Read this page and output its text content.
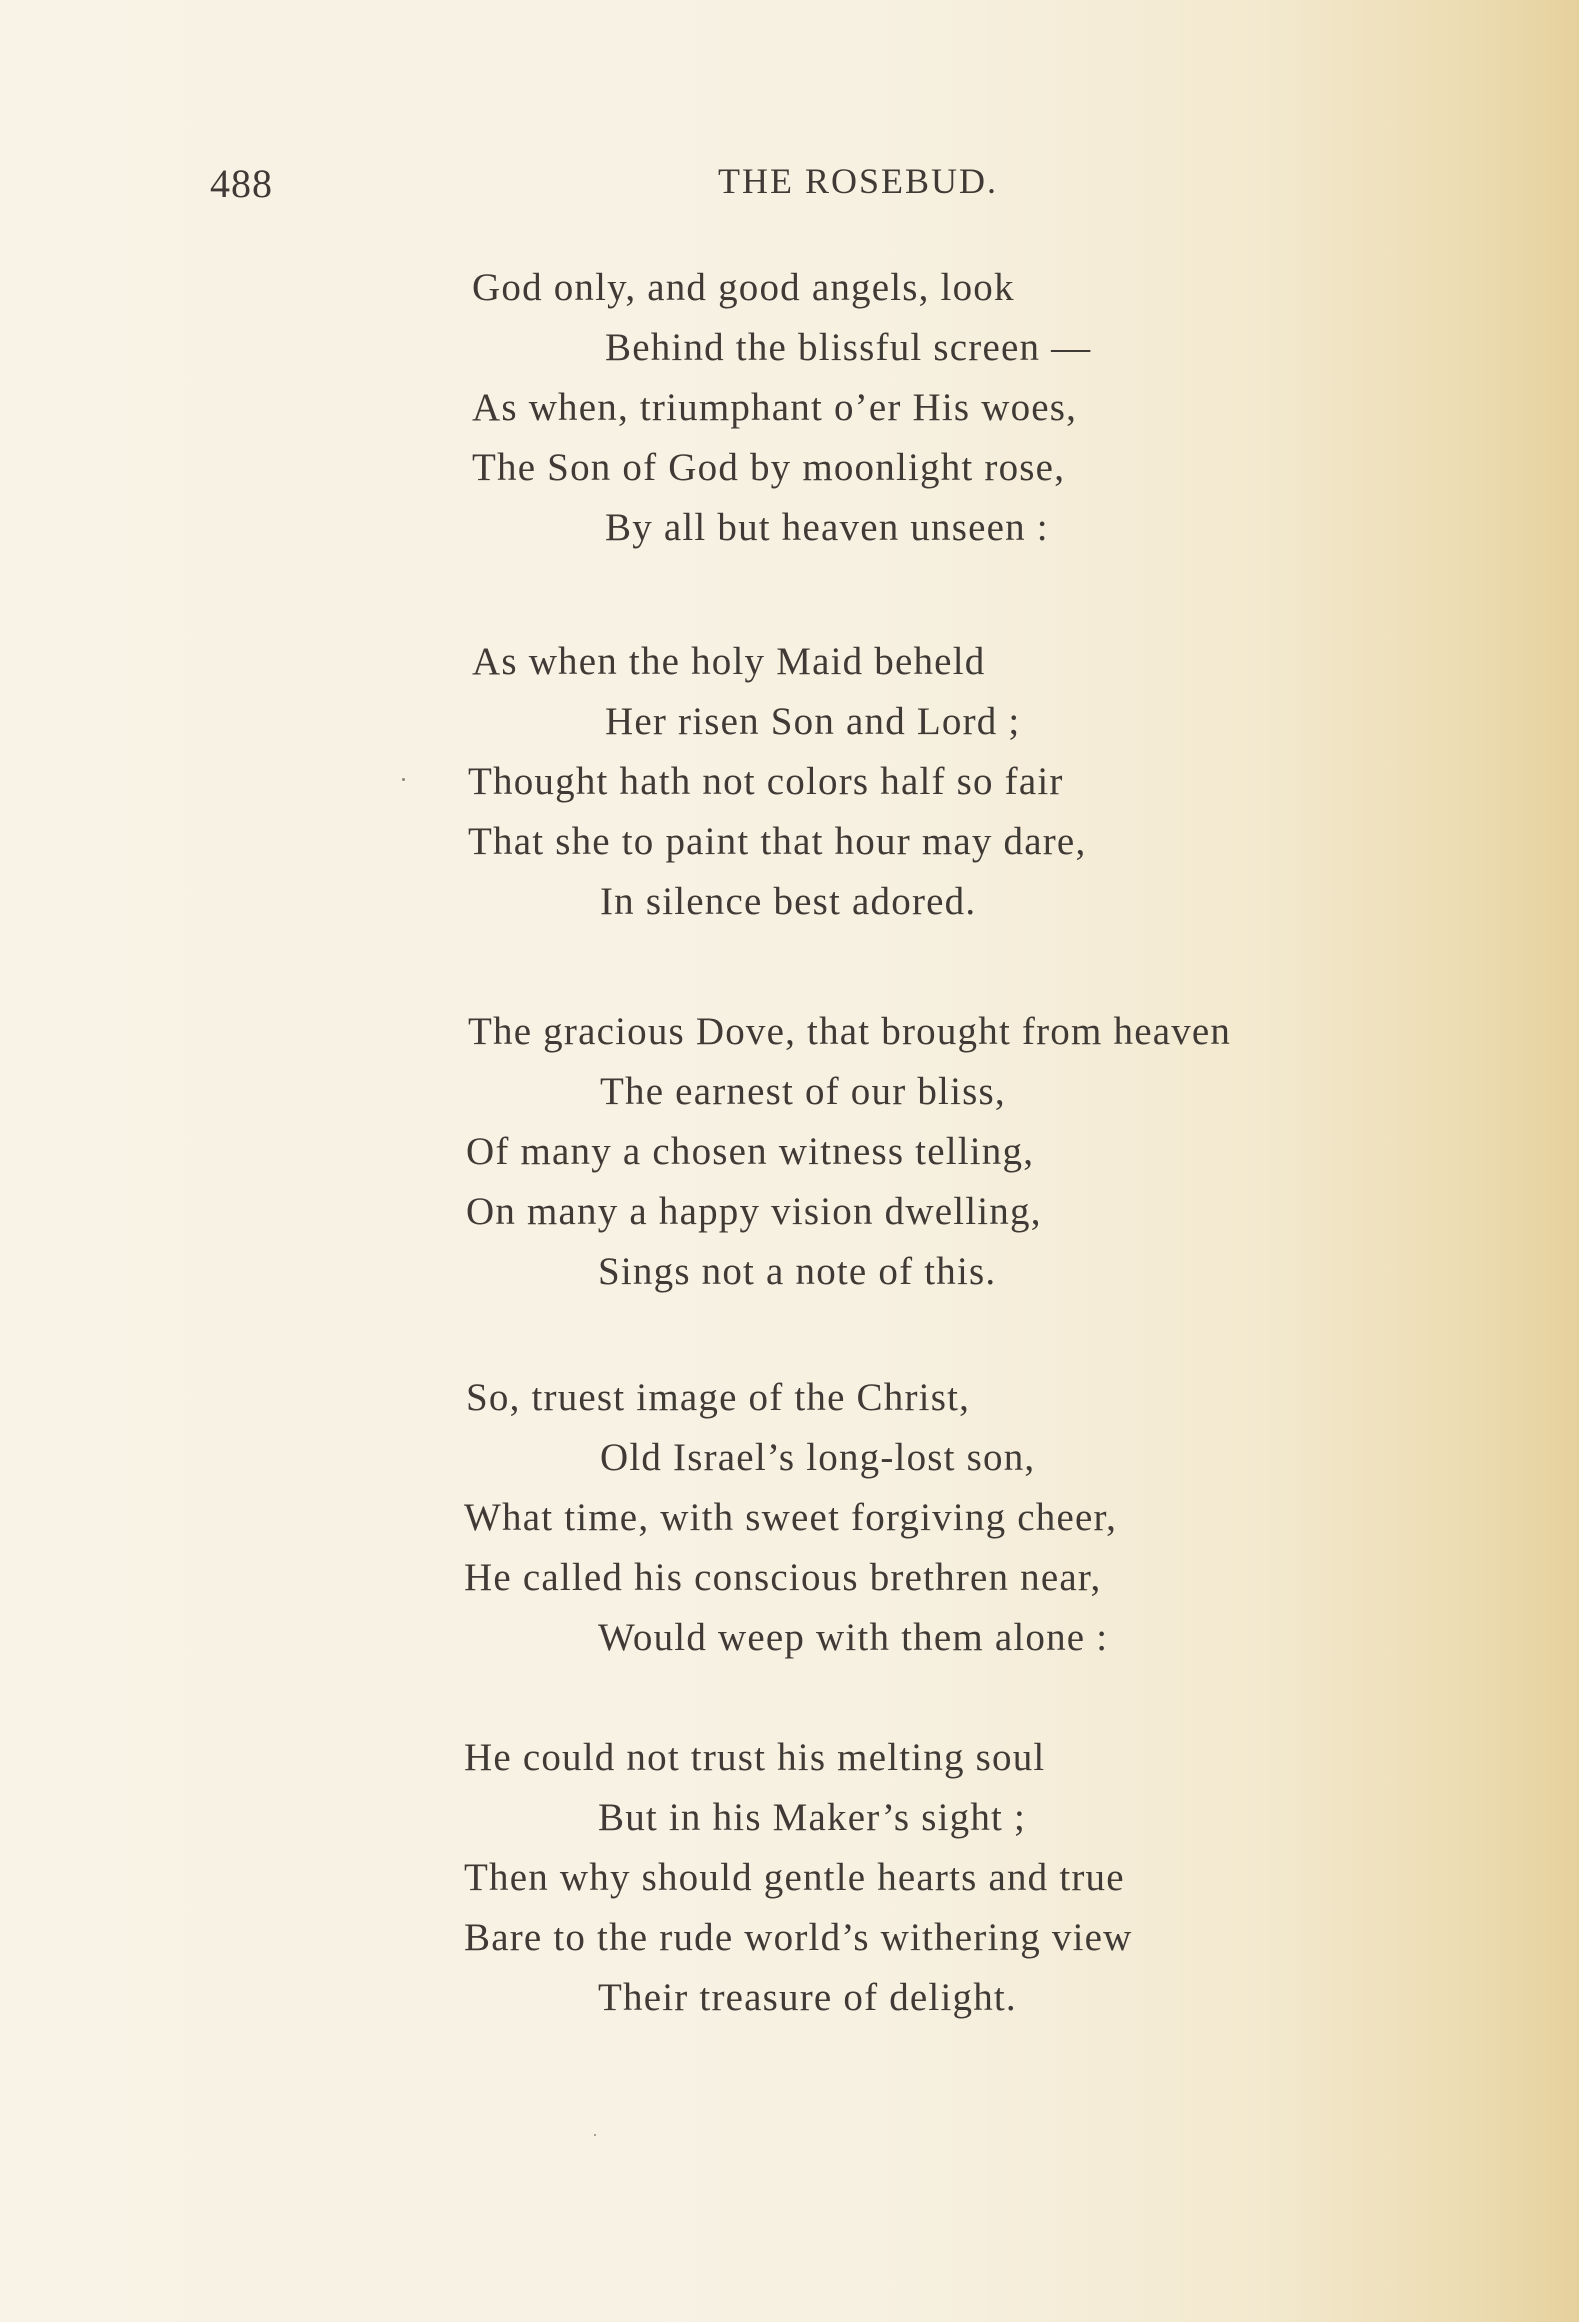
488	THE ROSEBUD.
God only, and good angels, look
Behind the blissful screen —
As when, triumphant o’er His woes,
The Son of God by moonlight rose,
By all but heaven unseen :
As when the holy Maid beheld
Her risen Son and Lord ;
Thought hath not colors half so fair
That she to paint that hour may dare,
In silence best adored.
The gracious Dove, that brought from heaven
The earnest of our bliss,
Of many a chosen witness telling,
On many a happy vision dwelling,
Sings not a note of this.
So, truest image of the Christ,
Old Israel’s long-lost son,
What time, with sweet forgiving cheer,
He called his conscious brethren near,
Would weep with them alone :
He could not trust his melting soul
But in his Maker’s sight ;
Then why should gentle hearts and true
Bare to the rude world’s withering view
Their treasure of delight.
